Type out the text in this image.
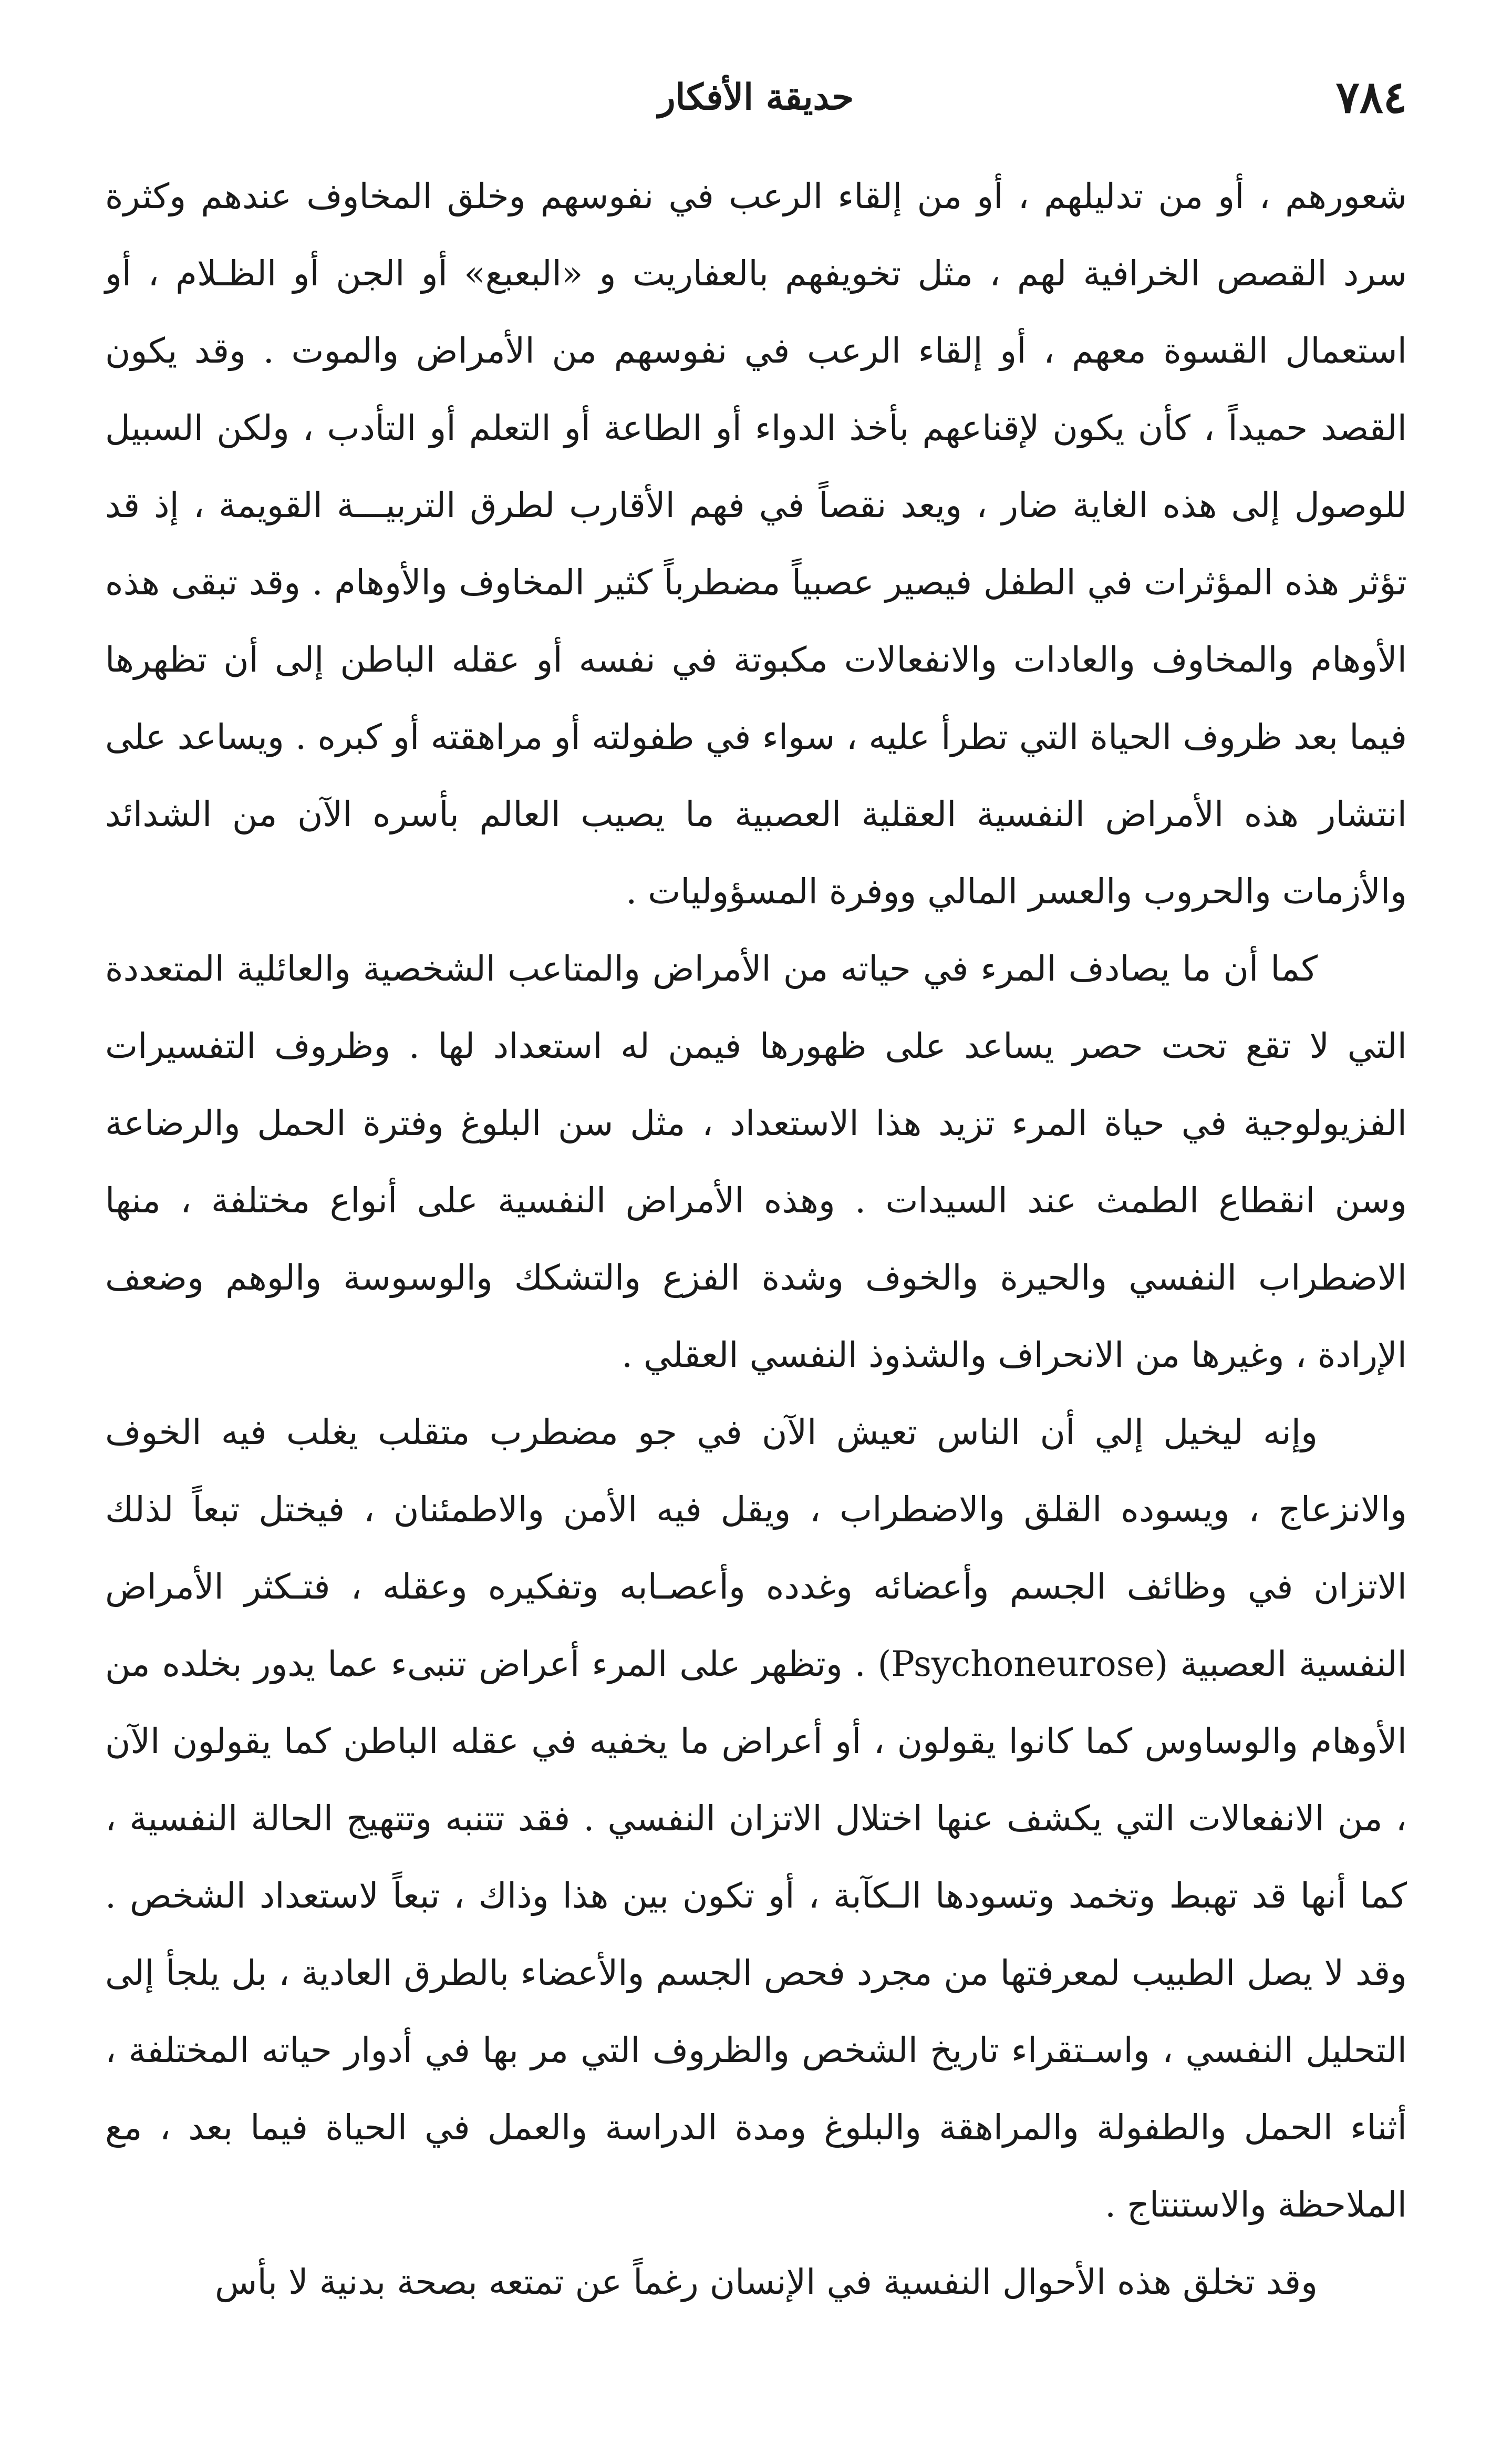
٧٨٤
حديقة الأفكار

شعورهم ، أو من تدليلهم ، أو من إلقاء الرعب في نفوسهم وخلق المخاوف عندهم وكثرة سرد القصص الخرافية لهم ، مثل تخويفهم بالعفاريت و «البعبع» أو الجن أو الظـلام ، أو استعمال القسوة معهم ، أو إلقاء الرعب في نفوسهم من الأمراض والموت . وقد يكون القصد حميداً ، كأن يكون لإقناعهم بأخذ الدواء أو الطاعة أو التعلم أو التأدب ، ولكن السبيل للوصول إلى هذه الغاية ضار ، ويعد نقصاً في فهم الأقارب لطرق التربيـــة القويمة ، إذ قد تؤثر هذه المؤثرات في الطفل فيصير عصبياً مضطرباً كثير المخاوف والأوهام . وقد تبقى هذه الأوهام والمخاوف والعادات والانفعالات مكبوتة في نفسه أو عقله الباطن إلى أن تظهرها فيما بعد ظروف الحياة التي تطرأ عليه ، سواء في طفولته أو مراهقته أو كبره . ويساعد على انتشار هذه الأمراض النفسية العقلية العصبية ما يصيب العالم بأسره الآن من الشدائد والأزمات والحروب والعسر المالي ووفرة المسؤوليات .

كما أن ما يصادف المرء في حياته من الأمراض والمتاعب الشخصية والعائلية المتعددة التي لا تقع تحت حصر يساعد على ظهورها فيمن له استعداد لها . وظروف التفسيرات الفزيولوجية في حياة المرء تزيد هذا الاستعداد ، مثل سن البلوغ وفترة الحمل والرضاعة وسن انقطاع الطمث عند السيدات . وهذه الأمراض النفسية على أنواع مختلفة ، منها الاضطراب النفسي والحيرة والخوف وشدة الفزع والتشكك والوسوسة والوهم وضعف الإرادة ، وغيرها من الانحراف والشذوذ النفسي العقلي .

وإنه ليخيل إلي أن الناس تعيش الآن في جو مضطرب متقلب يغلب فيه الخوف والانزعاج ، ويسوده القلق والاضطراب ، ويقل فيه الأمن والاطمئنان ، فيختل تبعاً لذلك الاتزان في وظائف الجسم وأعضائه وغدده وأعصـابه وتفكيره وعقله ، فتـكثر الأمراض النفسية العصبية (Psychoneurose) . وتظهر على المرء أعراض تنبىء عما يدور بخلده من الأوهام والوساوس كما كانوا يقولون ، أو أعراض ما يخفيه في عقله الباطن كما يقولون الآن ، من الانفعالات التي يكشف عنها اختلال الاتزان النفسي . فقد تتنبه وتتهيج الحالة النفسية ، كما أنها قد تهبط وتخمد وتسودها الـكآبة ، أو تكون بين هذا وذاك ، تبعاً لاستعداد الشخص . وقد لا يصل الطبيب لمعرفتها من مجرد فحص الجسم والأعضاء بالطرق العادية ، بل يلجأ إلى التحليل النفسي ، واسـتقراء تاريخ الشخص والظروف التي مر بها في أدوار حياته المختلفة ، أثناء الحمل والطفولة والمراهقة والبلوغ ومدة الدراسة والعمل في الحياة فيما بعد ، مع الملاحظة والاستنتاج .

وقد تخلق هذه الأحوال النفسية في الإنسان رغماً عن تمتعه بصحة بدنية لا بأس
